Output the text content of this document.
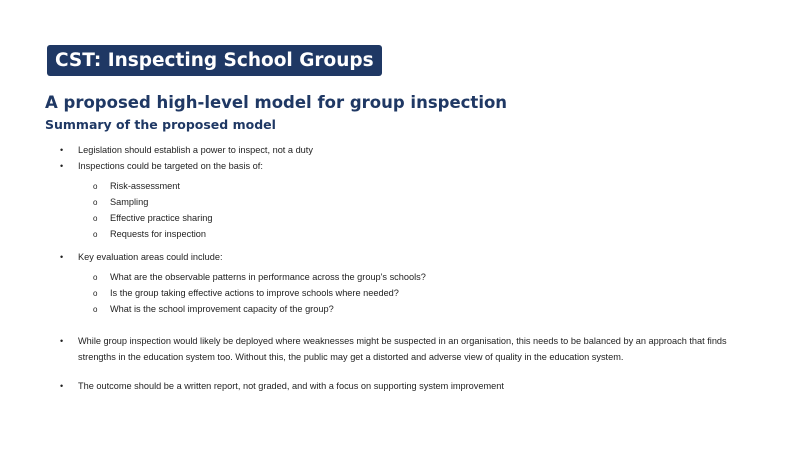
CST: Inspecting School Groups
A proposed high-level model for group inspection
Summary of the proposed model
• Legislation should establish a power to inspect, not a duty
• Inspections could be targeted on the basis of:
o Risk-assessment
o Sampling
o Effective practice sharing
o Requests for inspection
• Key evaluation areas could include:
o What are the observable patterns in performance across the group's schools?
o Is the group taking effective actions to improve schools where needed?
o What is the school improvement capacity of the group?
• While group inspection would likely be deployed where weaknesses might be suspected in an organisation, this needs to be balanced by an approach that finds strengths in the education system too. Without this, the public may get a distorted and adverse view of quality in the education system.
• The outcome should be a written report, not graded, and with a focus on supporting system improvement
